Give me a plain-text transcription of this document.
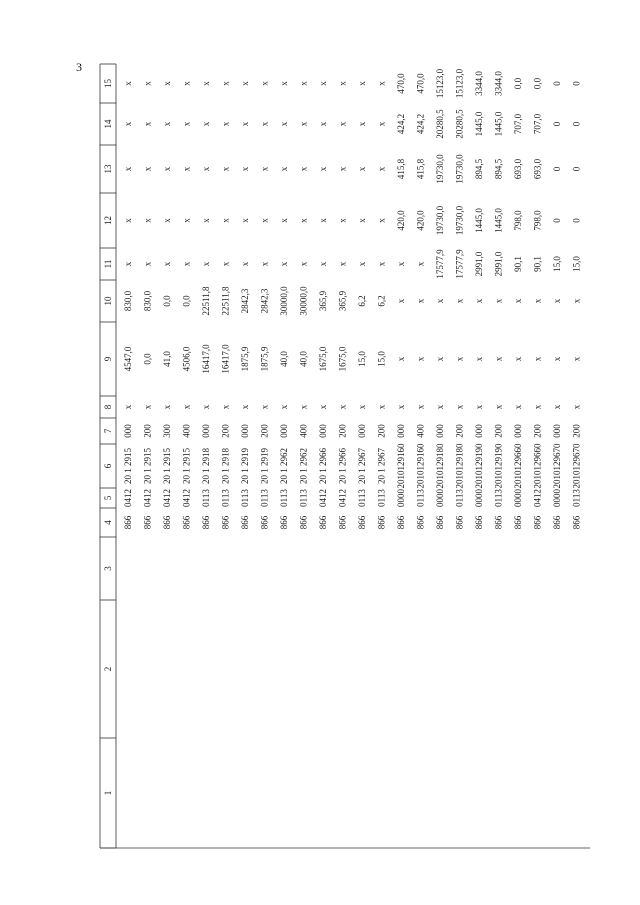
3
1
2
3
4
5
6
7
8
9
10
11
12
13
14
15
866
0412
20 1 2915
000
x
4547,0
830,0
x
x
x
x
x
866
0412
20 1 2915
200
x
0,0
830,0
x
x
x
x
x
866
0412
20 1 2915
300
x
41,0
0,0
x
x
x
x
x
866
0412
20 1 2915
400
x
4506,0
0,0
x
x
x
x
x
866
0113
20 1 2918
000
x
16417,0
22511,8
x
x
x
x
x
866
0113
20 1 2918
200
x
16417,0
22511,8
x
x
x
x
x
866
0113
20 1 2919
000
x
1875,9
2842,3
x
x
x
x
x
866
0113
20 1 2919
200
x
1875,9
2842,3
x
x
x
x
x
866
0113
20 1 2962
000
x
40,0
30000,0
x
x
x
x
x
866
0113
20 1 2962
400
x
40,0
30000,0
x
x
x
x
x
866
0412
20 1 2966
000
x
1675,0
365,9
x
x
x
x
x
866
0412
20 1 2966
200
x
1675,0
365,9
x
x
x
x
x
866
0113
20 1 2967
000
x
15,0
6,2
x
x
x
x
x
866
0113
20 1 2967
200
x
15,0
6,2
x
x
x
x
x
866
0000
2010129160
000
x
x
x
x
420,0
415,8
424,2
470,0
866
0113
2010129160
400
x
x
x
x
420,0
415,8
424,2
470,0
866
0000
2010129180
000
x
x
x
17577,9
19730,0
19730,0
20280,5
15123,0
866
0113
2010129180
200
x
x
x
17577,9
19730,0
19730,0
20280,5
15123,0
866
0000
2010129190
000
x
x
x
2991,0
1445,0
894,5
1445,0
3344,0
866
0113
2010129190
200
x
x
x
2991,0
1445,0
894,5
1445,0
3344,0
866
0000
2010129660
000
x
x
x
90,1
798,0
693,0
707,0
0,0
866
0412
2010129660
200
x
x
x
90,1
798,0
693,0
707,0
0,0
866
0000
2010129670
000
x
x
x
15,0
0
0
0
0
866
0113
2010129670
200
x
x
x
15,0
0
0
0
0
